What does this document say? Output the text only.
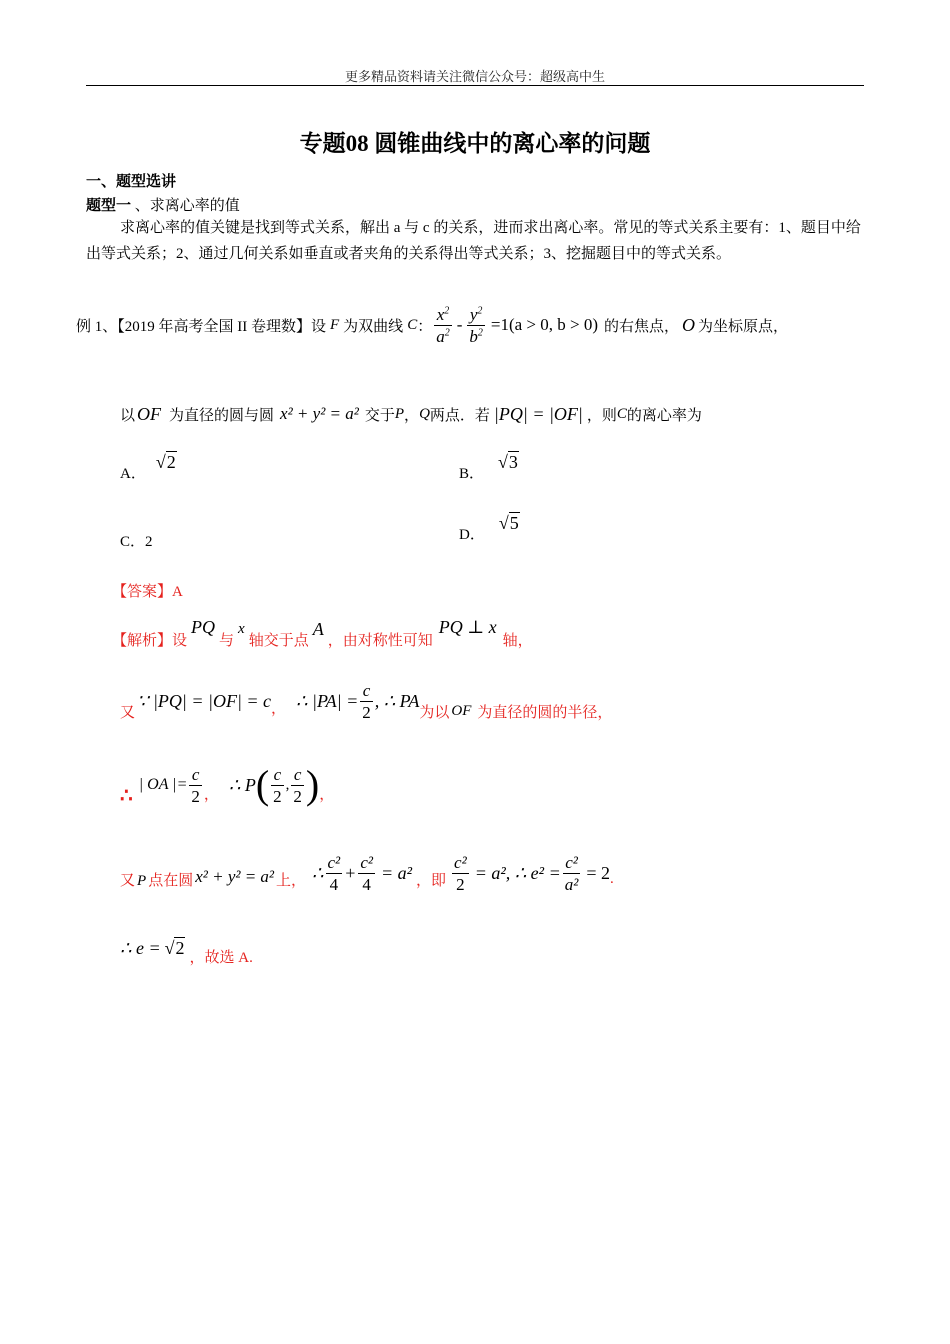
更多精品资料请关注微信公众号：超级高中生
专题08 圆锥曲线中的离心率的问题
一、题型选讲
题型一 、求离心率的值
求离心率的值关键是找到等式关系，解出 a 与 c 的关系，进而求出离心率。常见的等式关系主要有：1、题目中给出等式关系；2、通过几何关系如垂直或者夹角的关系得出等式关系；3、挖掘题目中的等式关系。
例 1、【2019 年高考全国 II 卷理数】设 F 为双曲线 C ： $\frac{x^2}{a^2} - \frac{y^2}{b^2} =1(a > 0$, b > 0) 的右焦点， O 为坐标原点，
以 OF 为直径的圆与圆 x² + y² = a² 交于 P ， Q 两点．若 |PQ| = |OF| ，则 C 的离心率为
A．
√2
B．
√3
C．2	D．
√5
【答案】A
【解析】 设
PQ
与
x
轴交于点
A
，由对称性可知
PQ ⊥ x
轴，
又
∵ |PQ| = |OF| = c ， ∴ $|PA| = \frac{c}{2}$ , ∴ PA
为以 OF 为直径的圆的半径，
∴ | OA |= $\frac{c}{2}$ ， ∴ P ( $\frac{c}{2}$ , $\frac{c}{2}$ ) ，
又 P 点在圆 x² + y² = a² 上， ∴ $\frac{\text{c²}}{4} + \frac{\text{c²}}{4} = a^2$ ，即 $\frac{\text{c²}}{2} = a^2$, ∴ $e^2 = \frac{\text{c²}}{\text{a²}} = 2$ .
∴ e = √2 ，故选 A.
